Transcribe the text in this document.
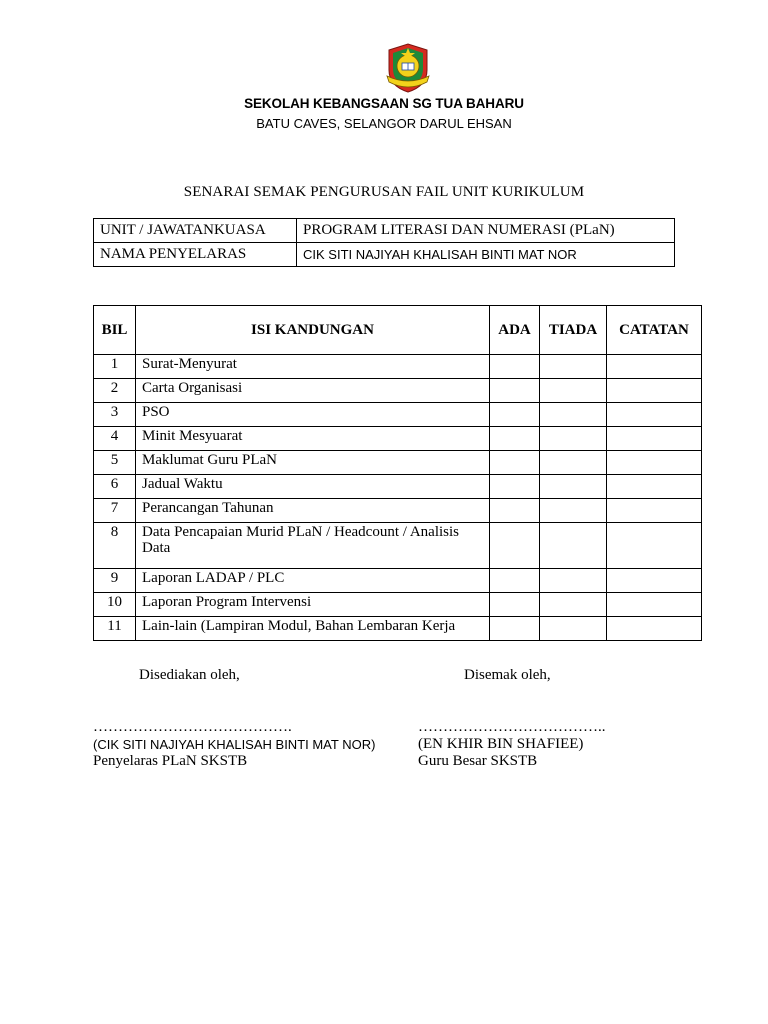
SEKOLAH KEBANGSAAN SG TUA BAHARU
BATU CAVES, SELANGOR DARUL EHSAN
SENARAI SEMAK PENGURUSAN FAIL UNIT KURIKULUM
UNIT / JAWATANKUASA	PROGRAM LITERASI DAN NUMERASI (PLaN)
NAMA PENYELARAS	CIK SITI NAJIYAH KHALISAH BINTI MAT NOR
BIL	ISI KANDUNGAN	ADA	TIADA	CATATAN
1	Surat-Menyurat			
2	Carta Organisasi			
3	PSO			
4	Minit Mesyuarat			
5	Maklumat Guru PLaN			
6	Jadual Waktu			
7	Perancangan Tahunan			
8	Data Pencapaian Murid PLaN / Headcount / Analisis Data			
9	Laporan LADAP / PLC			
10	Laporan Program Intervensi			
11	Lain-lain (Lampiran Modul, Bahan Lembaran Kerja			
Disediakan oleh,	Disemak oleh,
………………………………….
(CIK SITI NAJIYAH KHALISAH BINTI MAT NOR)
Penyelaras PLaN SKSTB
………………………………..
(EN KHIR BIN SHAFIEE)
Guru Besar SKSTB
